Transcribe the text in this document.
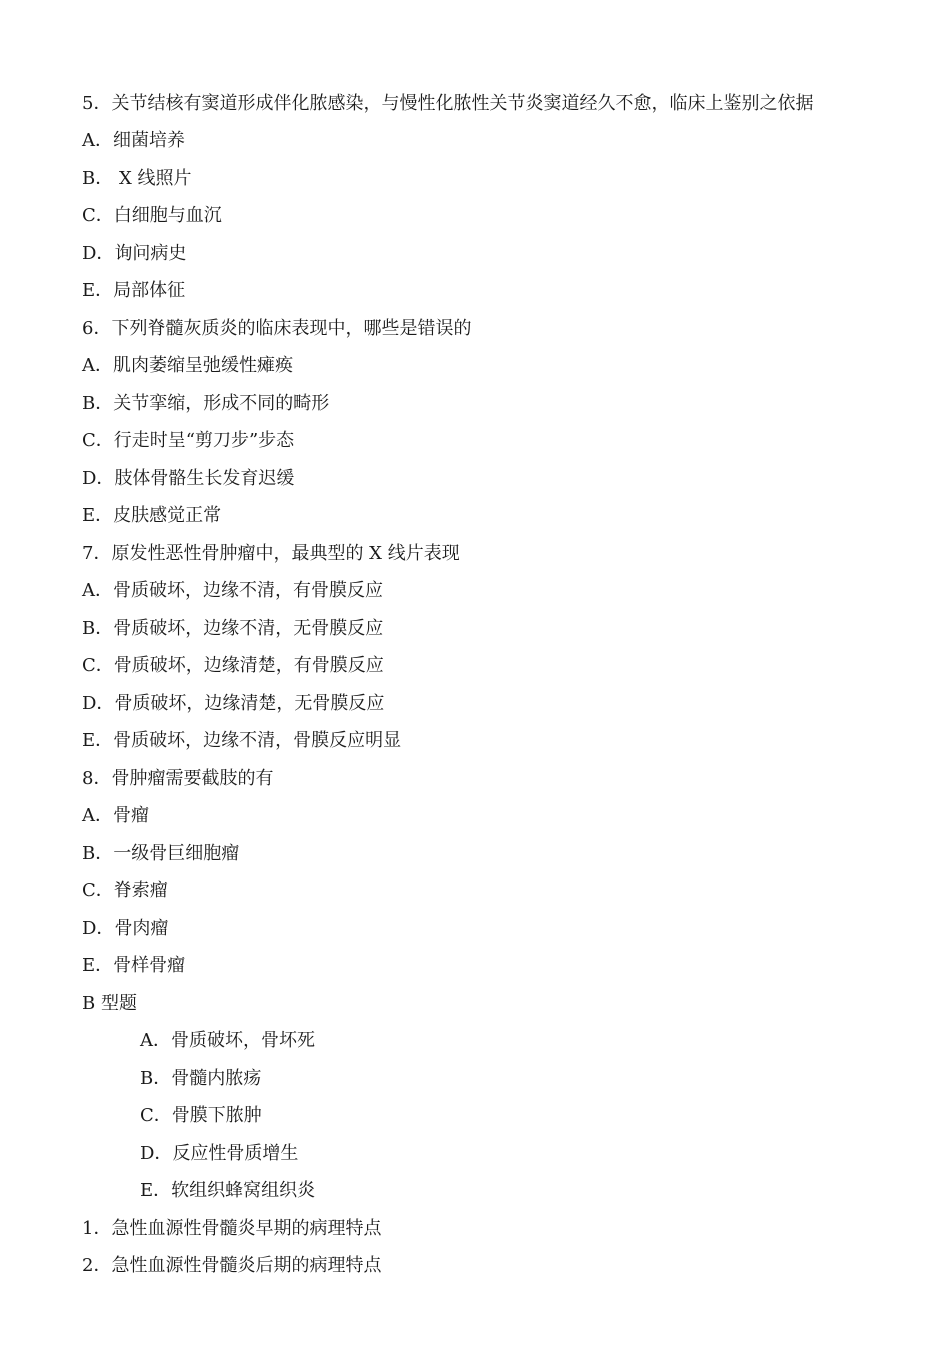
5．关节结核有窦道形成伴化脓感染，与慢性化脓性关节炎窦道经久不愈，临床上鉴别之依据
A．细菌培养
B． X 线照片
C．白细胞与血沉
D．询问病史
E．局部体征
6．下列脊髓灰质炎的临床表现中，哪些是错误的
A．肌肉萎缩呈弛缓性瘫痪
B．关节挛缩，形成不同的畸形
C．行走时呈“剪刀步”步态
D．肢体骨骼生长发育迟缓
E．皮肤感觉正常
7．原发性恶性骨肿瘤中，最典型的 X 线片表现
A．骨质破坏，边缘不清，有骨膜反应
B．骨质破坏，边缘不清，无骨膜反应
C．骨质破坏，边缘清楚，有骨膜反应
D．骨质破坏，边缘清楚，无骨膜反应
E．骨质破坏，边缘不清，骨膜反应明显
8．骨肿瘤需要截肢的有
A．骨瘤
B．一级骨巨细胞瘤
C．脊索瘤
D．骨肉瘤
E．骨样骨瘤
B 型题
A．骨质破坏，骨坏死
B．骨髓内脓疡
C．骨膜下脓肿
D．反应性骨质增生
E．软组织蜂窝组织炎
1．急性血源性骨髓炎早期的病理特点
2．急性血源性骨髓炎后期的病理特点
